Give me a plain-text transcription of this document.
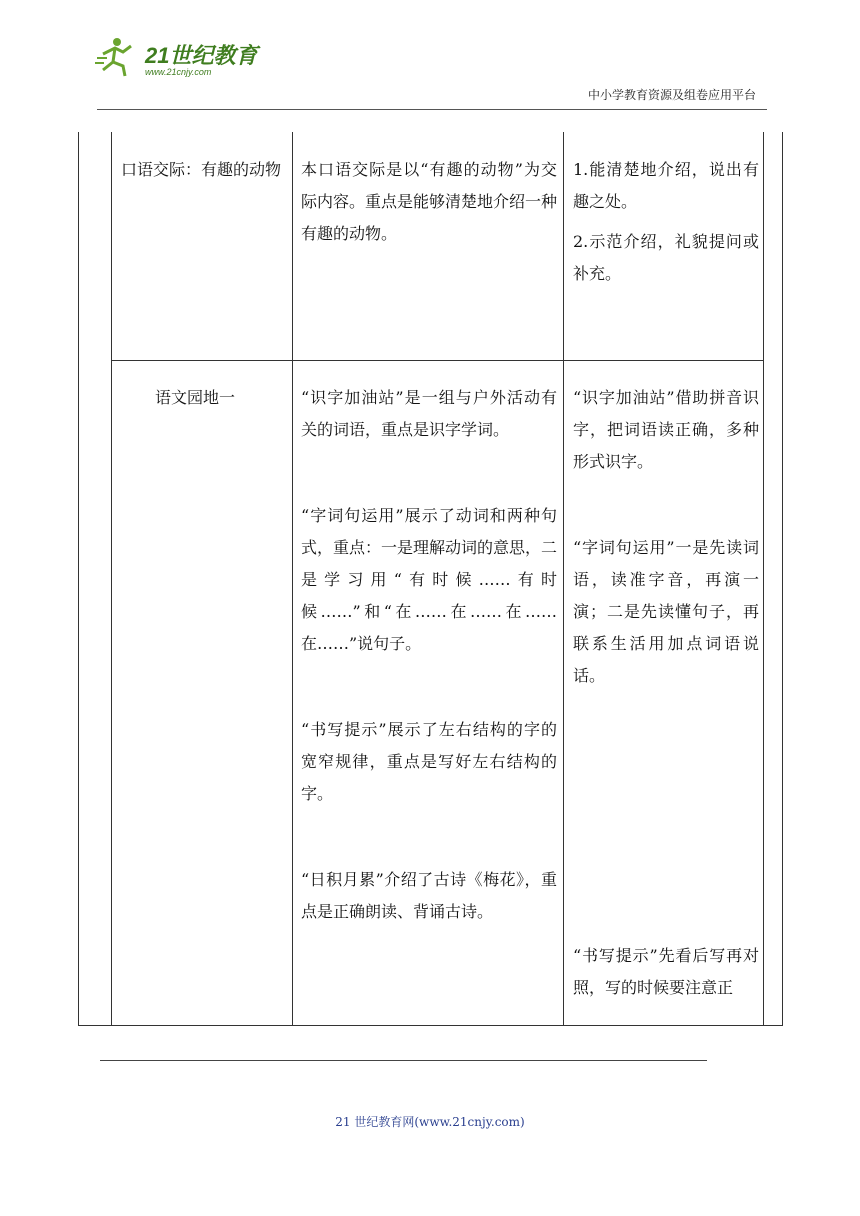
21世纪教育
www.21cnjy.com
中小学教育资源及组卷应用平台
口语交际：有趣的动物	本口语交际是以“有趣的动物”为交际内容。重点是能够清楚地介绍一种有趣的动物。

1.能清楚地介绍，说出有趣之处。

2.示范介绍，礼貌提问或补充。

语文园地一	“识字加油站”是一组与户外活动有关的词语，重点是识字学词。

“字词句运用”展示了动词和两种句式，重点：一是理解动词的意思，二是学习用“有时候……有时候……”和“在……在……在……在……”说句子。

“书写提示”展示了左右结构的字的宽窄规律，重点是写好左右结构的字。

“日积月累”介绍了古诗《梅花》，重点是正确朗读、背诵古诗。

“识字加油站”借助拼音识字，把词语读正确，多种形式识字。

“字词句运用”一是先读词语，读准字音，再演一演；二是先读懂句子，再联系生活用加点词语说话。

“书写提示”先看后写再对照，写的时候要注意正

21 世纪教育网(www.21cnjy.com)
